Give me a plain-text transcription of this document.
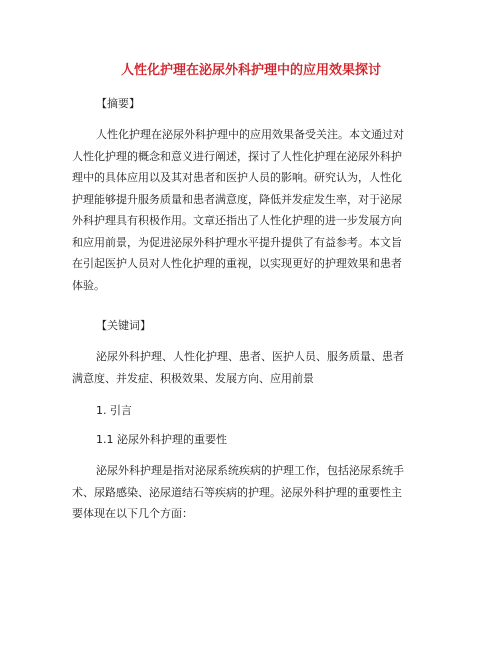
人性化护理在泌尿外科护理中的应用效果探讨

【摘要】

人性化护理在泌尿外科护理中的应用效果备受关注。本文通过对
人性化护理的概念和意义进行阐述，探讨了人性化护理在泌尿外科护
理中的具体应用以及其对患者和医护人员的影响。研究认为，人性化
护理能够提升服务质量和患者满意度，降低并发症发生率，对于泌尿
外科护理具有积极作用。文章还指出了人性化护理的进一步发展方向
和应用前景，为促进泌尿外科护理水平提升提供了有益参考。本文旨
在引起医护人员对人性化护理的重视，以实现更好的护理效果和患者
体验。

【关键词】

泌尿外科护理、人性化护理、患者、医护人员、服务质量、患者
满意度、并发症、积极效果、发展方向、应用前景

1. 引言

1.1 泌尿外科护理的重要性

泌尿外科护理是指对泌尿系统疾病的护理工作，包括泌尿系统手
术、尿路感染、泌尿道结石等疾病的护理。泌尿外科护理的重要性主
要体现在以下几个方面：
